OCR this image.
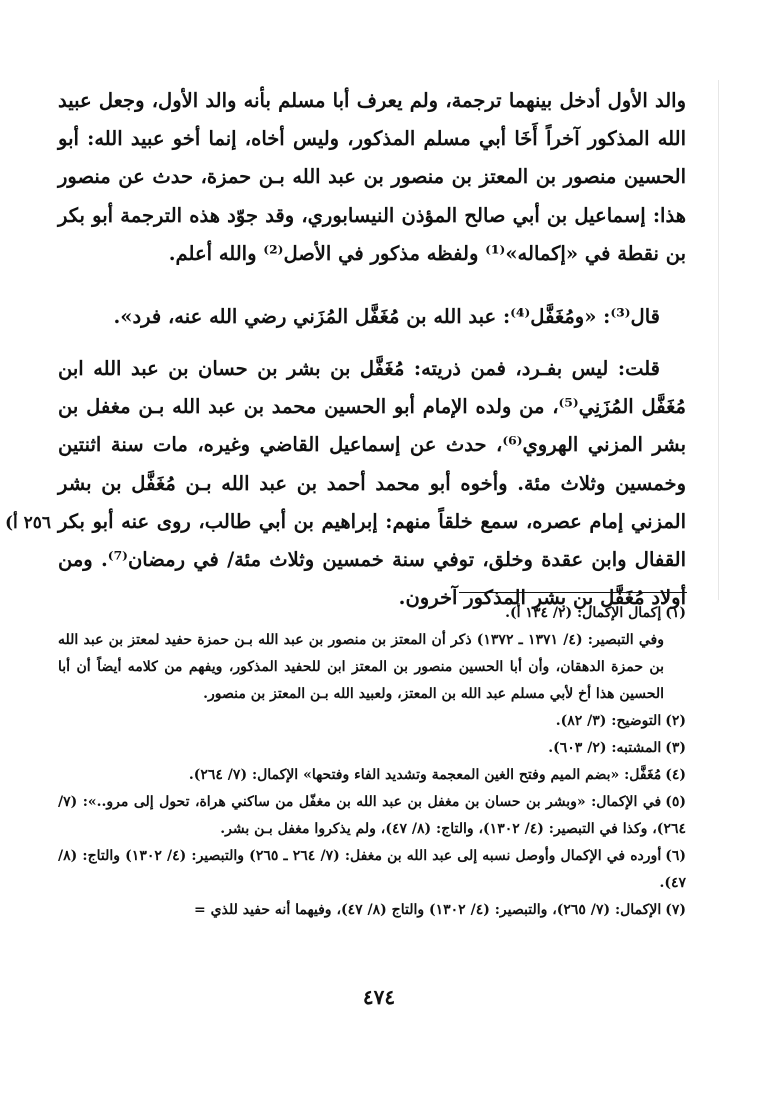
والد الأول أدخل بينهما ترجمة، ولم يعرف أبا مسلم بأنه والد الأول، وجعل عبيد الله المذكور آخراً أَخَا أبي مسلم المذكور، وليس أخاه، إنما أخو عبيد الله: أبو الحسين منصور بن المعتز بن منصور بن عبد الله بـن حمزة، حدث عن منصور هذا: إسماعيل بن أبي صالح المؤذن النيسابوري، وقد جوّد هذه الترجمة أبو بكر بن نقطة في «إكماله»⁽¹⁾ ولفظه مذكور في الأصل⁽²⁾ والله أعلم.

قال⁽³⁾: «ومُغَفَّل⁽⁴⁾: عبد الله بن مُغَفَّل المُزَني رضي الله عنه، فرد».

قلت: ليس بفـرد، فمن ذريته: مُغَفَّل بن بشر بن حسان بن عبد الله ابن مُغَفَّل المُزَنِي⁽⁵⁾، من ولده الإمام أبو الحسين محمد بن عبد الله بـن مغفل بن بشر المزني الهروي⁽⁶⁾، حدث عن إسماعيل القاضي وغيره، مات سنة اثنتين وخمسين وثلاث مئة. وأخوه أبو محمد أحمد بن عبد الله بـن مُغَفَّل بن بشر المزني إمام عصره، سمع خلقاً منهم: إبراهيم بن أبي طالب، روى عنه أبو بكر القفال وابن عقدة وخلق، توفي سنة خمسين وثلاث مئة/ في رمضان⁽⁷⁾. ومن أولاد مُغَفَّل بن بشر المذكور آخرون.

٢٥٦ أ)

(١)إكمال الإكمال: (٢/ ١٣٤ أ).

وفي التبصير: (٤/ ١٣٧١ ـ ١٣٧٢) ذكر أن المعتز بن منصور بن عبد الله بـن حمزة حفيد لمعتز بن عبد الله بن حمزة الدهقان، وأن أبا الحسين منصور بن المعتز ابن للحفيد المذكور، ويفهم من كلامه أيضاً أن أبا الحسين هذا أخ لأبي مسلم عبد الله بن المعتز، ولعبيد الله بـن المعتز بن منصور.

(٢)التوضيح: (٣/ ٨٢).

(٣)المشتبه: (٢/ ٦٠٣).

(٤)مُغَفَّل: «بضم الميم وفتح الغين المعجمة وتشديد الفاء وفتحها» الإكمال: (٧/ ٢٦٤).

(٥)في الإكمال: «وبشر بن حسان بن مغفل بن عبد الله بن مغفّل من ساكني هراة، تحول إلى مرو..»: (٧/ ٢٦٤)، وكذا في التبصير: (٤/ ١٣٠٢)، والتاج: (٨/ ٤٧)، ولم يذكروا مغفل بـن بشر.

(٦)أورده في الإكمال وأوصل نسبه إلى عبد الله بن مغفل: (٧/ ٢٦٤ ـ ٢٦٥) والتبصير: (٤/ ١٣٠٢) والتاج: (٨/ ٤٧).

(٧)الإكمال: (٧/ ٢٦٥)، والتبصير: (٤/ ١٣٠٢) والتاج (٨/ ٤٧)، وفيهما أنه حفيد للذي =

٤٧٤
